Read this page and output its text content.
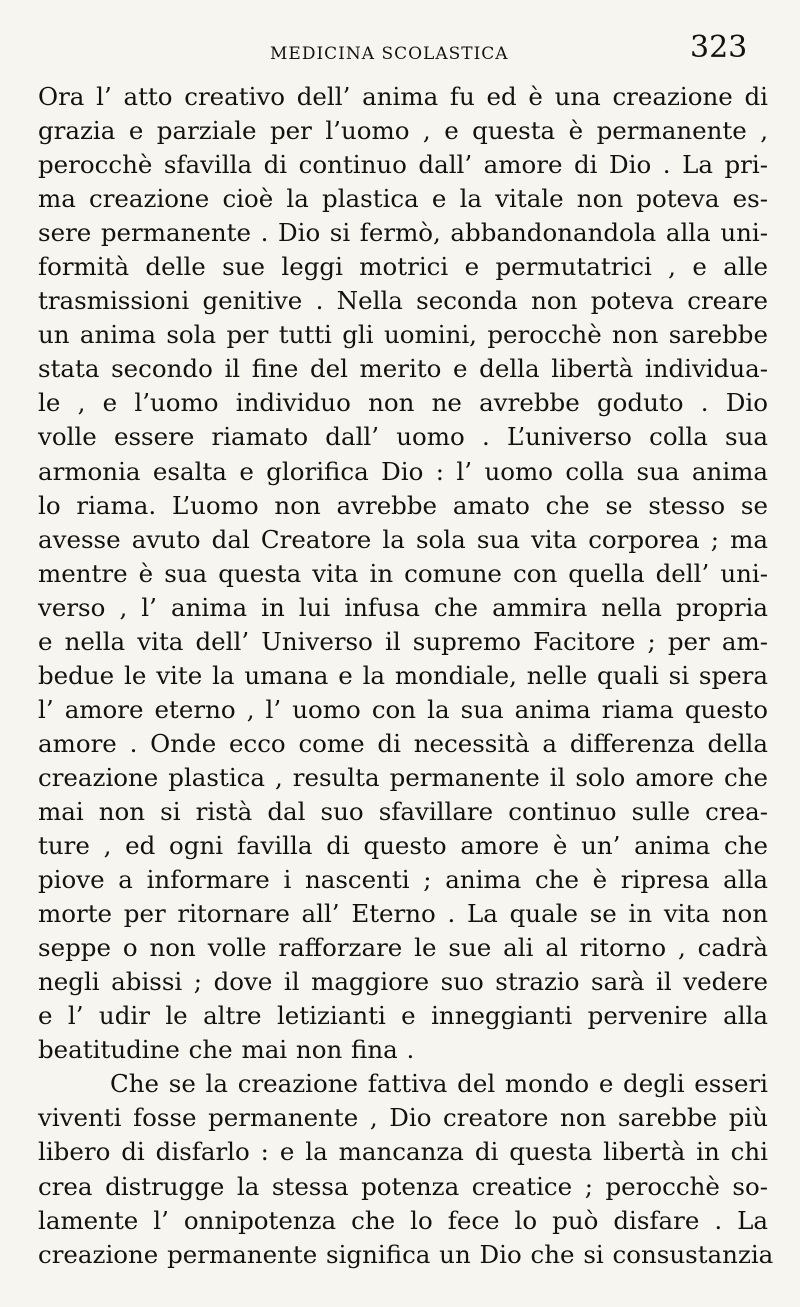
MEDICINA SCOLASTICA	323
Ora l’ atto creativo dell’ anima fu ed è una creazione di
grazia e parziale per l’uomo , e questa è permanente ,
perocchè sfavilla di continuo dall’ amore di Dio . La pri-
ma creazione cioè la plastica e la vitale non poteva es-
sere permanente . Dio si fermò, abbandonandola alla uni-
formità delle sue leggi motrici e permutatrici , e alle
trasmissioni genitive . Nella seconda non poteva creare
un anima sola per tutti gli uomini, perocchè non sarebbe
stata secondo il fine del merito e della libertà individua-
le , e l’uomo individuo non ne avrebbe goduto . Dio
volle essere riamato dall’ uomo . L’universo colla sua
armonia esalta e glorifica Dio : l’ uomo colla sua anima
lo riama. L’uomo non avrebbe amato che se stesso se
avesse avuto dal Creatore la sola sua vita corporea ; ma
mentre è sua questa vita in comune con quella dell’ uni-
verso , l’ anima in lui infusa che ammira nella propria
e nella vita dell’ Universo il supremo Facitore ; per am-
bedue le vite la umana e la mondiale, nelle quali si spera
l’ amore eterno , l’ uomo con la sua anima riama questo
amore . Onde ecco come di necessità a differenza della
creazione plastica , resulta permanente il solo amore che
mai non si ristà dal suo sfavillare continuo sulle crea-
ture , ed ogni favilla di questo amore è un’ anima che
piove a informare i nascenti ; anima che è ripresa alla
morte per ritornare all’ Eterno . La quale se in vita non
seppe o non volle rafforzare le sue ali al ritorno , cadrà
negli abissi ; dove il maggiore suo strazio sarà il vedere
e l’ udir le altre letizianti e inneggianti pervenire alla
beatitudine che mai non fina .
Che se la creazione fattiva del mondo e degli esseri
viventi fosse permanente , Dio creatore non sarebbe più
libero di disfarlo : e la mancanza di questa libertà in chi
crea distrugge la stessa potenza creatice ; perocchè so-
lamente l’ onnipotenza che lo fece lo può disfare . La
creazione permanente significa un Dio che si consustanzia
